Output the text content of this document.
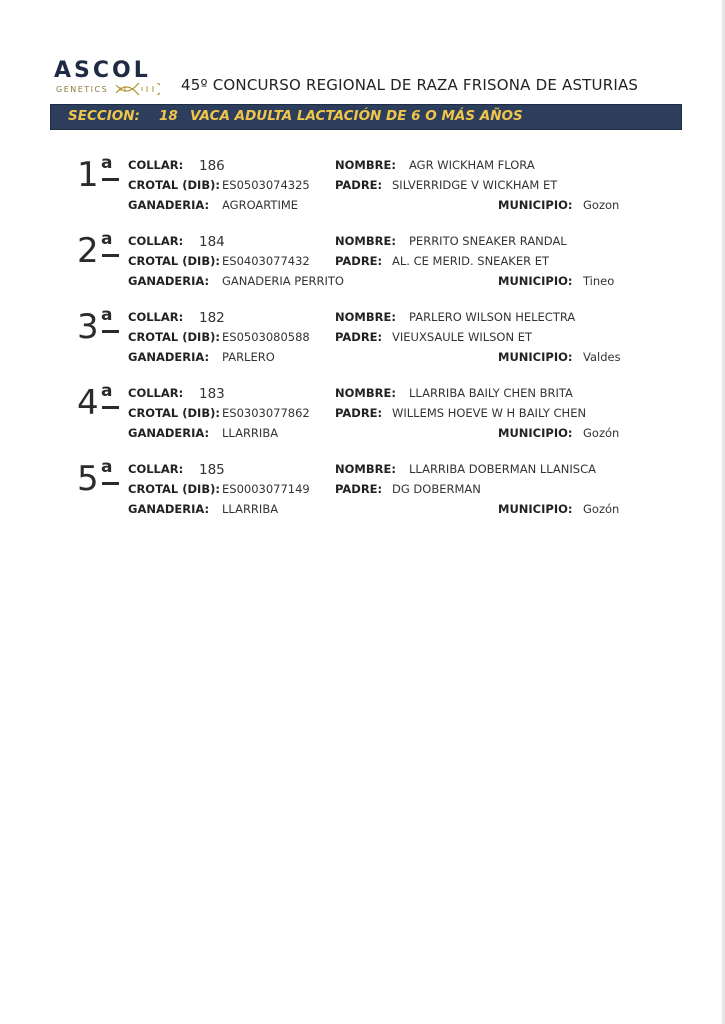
ASCOL
GENETICS	45º CONCURSO REGIONAL DE RAZA FRISONA DE ASTURIAS
SECCION: 18 VACA ADULTA LACTACIÓN DE 6 O MÁS AÑOS
1 a COLLAR: 186
CROTAL (DIB): ES0503074325
GANADERIA: AGROARTIME
NOMBRE: AGR WICKHAM FLORA
PADRE: SILVERRIDGE V WICKHAM ET
MUNICIPIO: Gozon
2 a COLLAR: 184
CROTAL (DIB): ES0403077432
GANADERIA: GANADERIA PERRITO
NOMBRE: PERRITO SNEAKER RANDAL
PADRE: AL. CE MERID. SNEAKER ET
MUNICIPIO: Tineo
3 a COLLAR: 182
CROTAL (DIB): ES0503080588
GANADERIA: PARLERO
NOMBRE: PARLERO WILSON HELECTRA
PADRE: VIEUXSAULE WILSON ET
MUNICIPIO: Valdes
4 a COLLAR: 183
CROTAL (DIB): ES0303077862
GANADERIA: LLARRIBA
NOMBRE: LLARRIBA BAILY CHEN BRITA
PADRE: WILLEMS HOEVE W H BAILY CHEN
MUNICIPIO: Gozón
5 a COLLAR: 185
CROTAL (DIB): ES0003077149
GANADERIA: LLARRIBA
NOMBRE: LLARRIBA DOBERMAN LLANISCA
PADRE: DG DOBERMAN
MUNICIPIO: Gozón
